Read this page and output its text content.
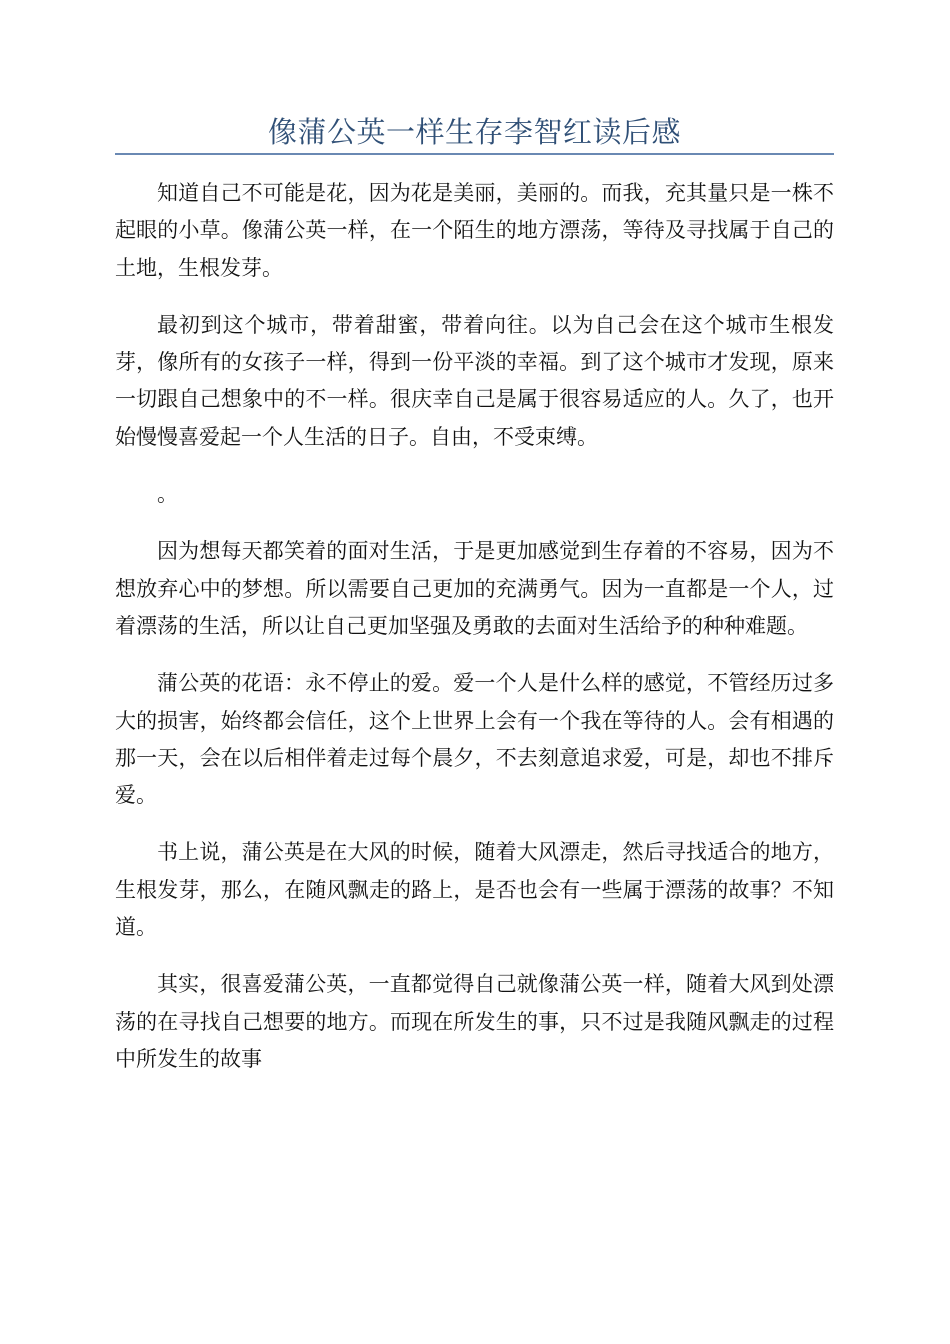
像蒲公英一样生存李智红读后感

知道自己不可能是花，因为花是美丽，美丽的。而我，充其量只是一株不起眼的小草。像蒲公英一样，在一个陌生的地方漂荡，等待及寻找属于自己的土地，生根发芽。

最初到这个城市，带着甜蜜，带着向往。以为自己会在这个城市生根发芽，像所有的女孩子一样，得到一份平淡的幸福。到了这个城市才发现，原来一切跟自己想象中的不一样。很庆幸自己是属于很容易适应的人。久了，也开始慢慢喜爱起一个人生活的日子。自由，不受束缚。

。

因为想每天都笑着的面对生活，于是更加感觉到生存着的不容易，因为不想放弃心中的梦想。所以需要自己更加的充满勇气。因为一直都是一个人，过着漂荡的生活，所以让自己更加坚强及勇敢的去面对生活给予的种种难题。

蒲公英的花语：永不停止的爱。爱一个人是什么样的感觉，不管经历过多大的损害，始终都会信任，这个上世界上会有一个我在等待的人。会有相遇的那一天，会在以后相伴着走过每个晨夕，不去刻意追求爱，可是，却也不排斥爱。

书上说，蒲公英是在大风的时候，随着大风漂走，然后寻找适合的地方，生根发芽，那么，在随风飘走的路上，是否也会有一些属于漂荡的故事？不知道。

其实，很喜爱蒲公英，一直都觉得自己就像蒲公英一样，随着大风到处漂荡的在寻找自己想要的地方。而现在所发生的事，只不过是我随风飘走的过程中所发生的故事
